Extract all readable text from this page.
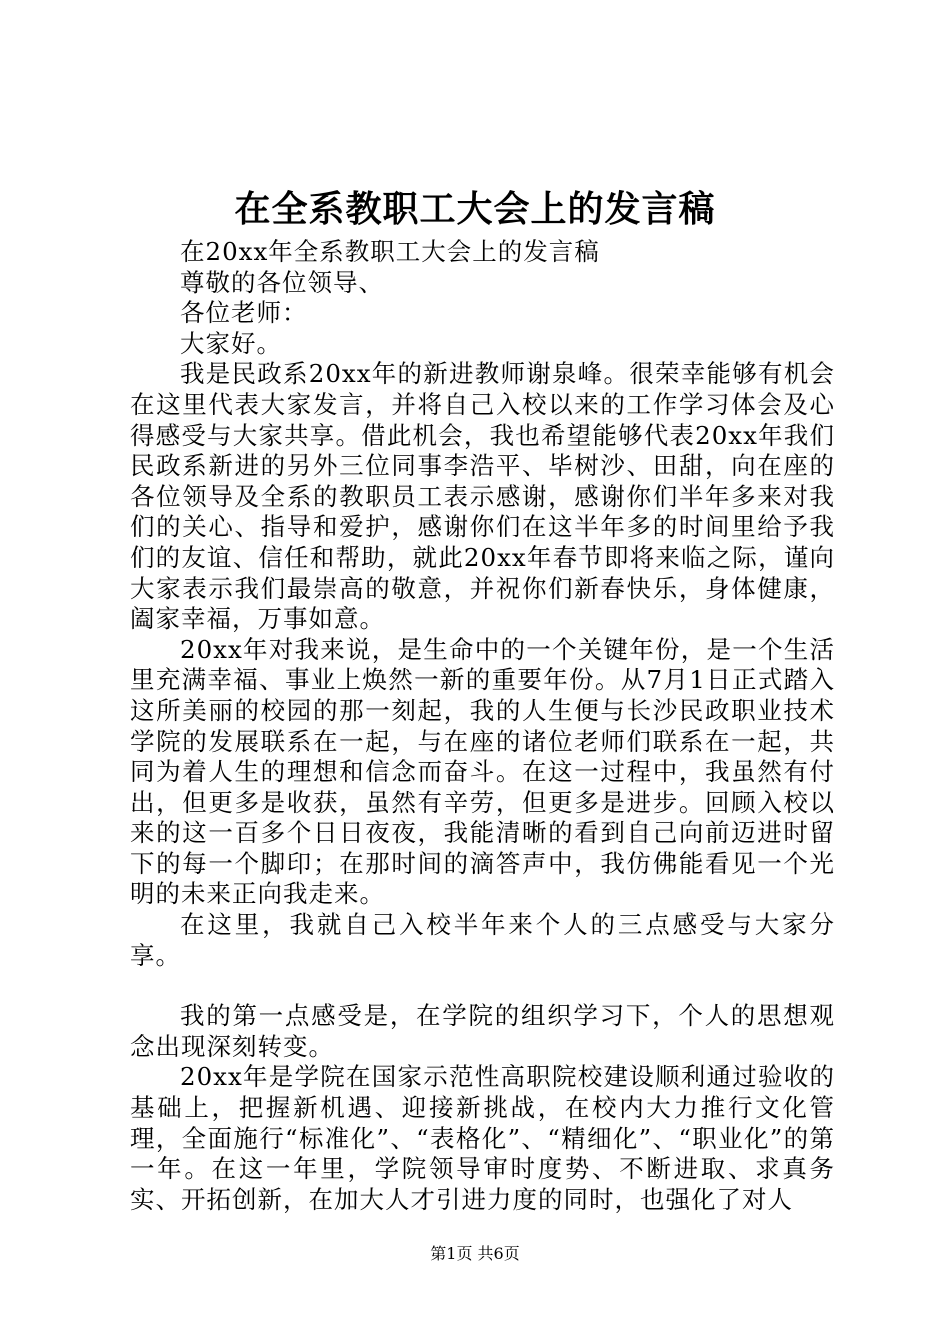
在全系教职工大会上的发言稿

在20xx年全系教职工大会上的发言稿

尊敬的各位领导、

各位老师：

大家好。

我是民政系20xx年的新进教师谢泉峰。很荣幸能够有机会在这里代表大家发言，并将自己入校以来的工作学习体会及心得感受与大家共享。借此机会，我也希望能够代表20xx年我们民政系新进的另外三位同事李浩平、毕树沙、田甜，向在座的各位领导及全系的教职员工表示感谢，感谢你们半年多来对我们的关心、指导和爱护，感谢你们在这半年多的时间里给予我们的友谊、信任和帮助，就此20xx年春节即将来临之际，谨向大家表示我们最崇高的敬意，并祝你们新春快乐，身体健康，阖家幸福，万事如意。

20xx年对我来说，是生命中的一个关键年份，是一个生活里充满幸福、事业上焕然一新的重要年份。从7月1日正式踏入这所美丽的校园的那一刻起，我的人生便与长沙民政职业技术学院的发展联系在一起，与在座的诸位老师们联系在一起，共同为着人生的理想和信念而奋斗。在这一过程中，我虽然有付出，但更多是收获，虽然有辛劳，但更多是进步。回顾入校以来的这一百多个日日夜夜，我能清晰的看到自己向前迈进时留下的每一个脚印；在那时间的滴答声中，我仿佛能看见一个光明的未来正向我走来。

在这里，我就自己入校半年来个人的三点感受与大家分享。

我的第一点感受是，在学院的组织学习下，个人的思想观念出现深刻转变。

20xx年是学院在国家示范性高职院校建设顺利通过验收的基础上，把握新机遇、迎接新挑战，在校内大力推行文化管理，全面施行“标准化”、“表格化”、“精细化”、“职业化”的第一年。在这一年里，学院领导审时度势、不断进取、求真务实、开拓创新，在加大人才引进力度的同时，也强化了对人

第1页 共6页
